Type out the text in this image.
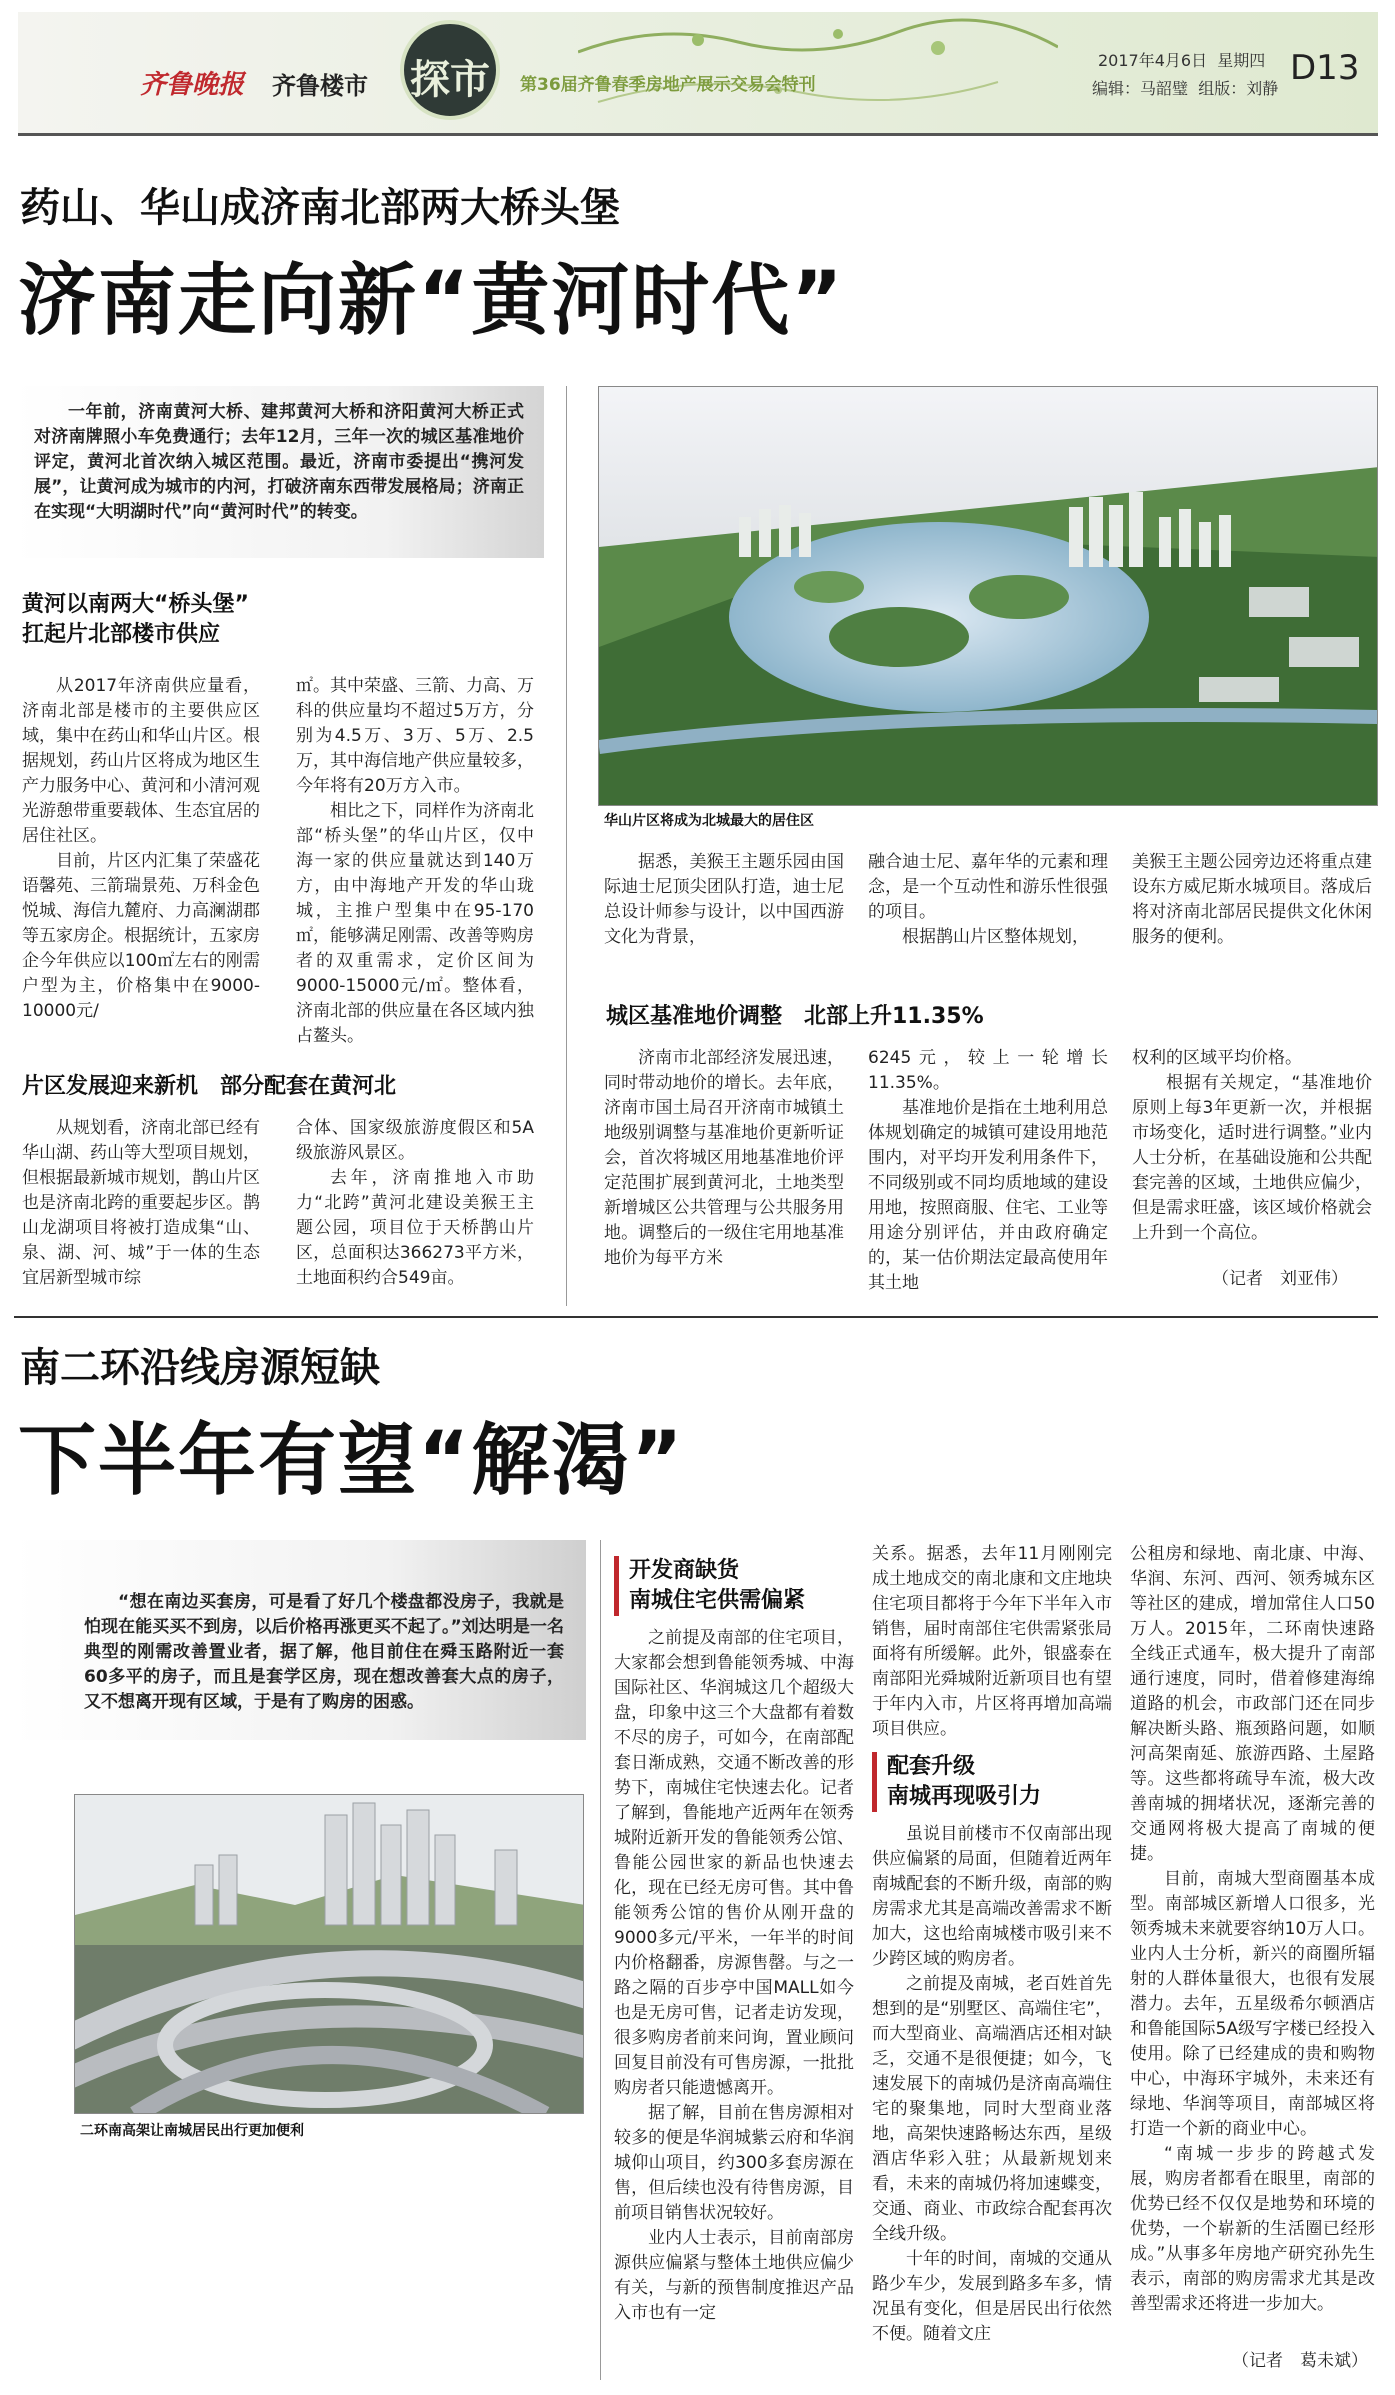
齐鲁晚报 齐鲁楼市 探市	第36届齐鲁春季房地产展示交易会特刊
2017年4月6日 星期四
编辑：马韶璧 组版：刘静
D13
药山、华山成济南北部两大桥头堡
济南走向新“黄河时代”
一年前，济南黄河大桥、建邦黄河大桥和济阳黄河大桥正式对济南牌照小车免费通行；去年12月，三年一次的城区基准地价评定，黄河北首次纳入城区范围。最近，济南市委提出“携河发展”，让黄河成为城市的内河，打破济南东西带发展格局；济南正在实现“大明湖时代”向“黄河时代”的转变。
黄河以南两大“桥头堡”
扛起片北部楼市供应

从2017年济南供应量看，济南北部是楼市的主要供应区域，集中在药山和华山片区。根据规划，药山片区将成为地区生产力服务中心、黄河和小清河观光游憩带重要载体、生态宜居的居住社区。

目前，片区内汇集了荣盛花语馨苑、三箭瑞景苑、万科金色悦城、海信九麓府、力高澜湖郡等五家房企。根据统计，五家房企今年供应以100㎡左右的刚需户型为主，价格集中在9000-10000元/

㎡。其中荣盛、三箭、力高、万科的供应量均不超过5万方，分别为4.5万、3万、5万、2.5万，其中海信地产供应量较多，今年将有20万方入市。

相比之下，同样作为济南北部“桥头堡”的华山片区，仅中海一家的供应量就达到140万方，由中海地产开发的华山珑城，主推户型集中在95-170㎡，能够满足刚需、改善等购房者的双重需求，定价区间为9000-15000元/㎡。整体看，济南北部的供应量在各区域内独占鳌头。

片区发展迎来新机　部分配套在黄河北

从规划看，济南北部已经有华山湖、药山等大型项目规划，但根据最新城市规划，鹊山片区也是济南北跨的重要起步区。鹊山龙湖项目将被打造成集“山、泉、湖、河、城”于一体的生态宜居新型城市综

合体、国家级旅游度假区和5A级旅游风景区。

去年，济南推地入市助力“北跨”黄河北建设美猴王主题公园，项目位于天桥鹊山片区，总面积达366273平方米，土地面积约合549亩。

华山片区将成为北城最大的居住区

据悉，美猴王主题乐园由国际迪士尼顶尖团队打造，迪士尼总设计师参与设计，以中国西游文化为背景，

融合迪士尼、嘉年华的元素和理念，是一个互动性和游乐性很强的项目。

根据鹊山片区整体规划，

美猴王主题公园旁边还将重点建设东方威尼斯水城项目。落成后将对济南北部居民提供文化休闲服务的便利。

城区基准地价调整　北部上升11.35%

济南市北部经济发展迅速，同时带动地价的增长。去年底，济南市国土局召开济南市城镇土地级别调整与基准地价更新听证会，首次将城区用地基准地价评定范围扩展到黄河北，土地类型新增城区公共管理与公共服务用地。调整后的一级住宅用地基准地价为每平方米

6245元，较上一轮增长11.35%。

基准地价是指在土地利用总体规划确定的城镇可建设用地范围内，对平均开发利用条件下，不同级别或不同均质地域的建设用地，按照商服、住宅、工业等用途分别评估，并由政府确定的，某一估价期法定最高使用年其土地

权利的区域平均价格。

根据有关规定，“基准地价原则上每3年更新一次，并根据市场变化，适时进行调整。”业内人士分析，在基础设施和公共配套完善的区域，土地供应偏少，但是需求旺盛，该区域价格就会上升到一个高位。

（记者　刘亚伟）
南二环沿线房源短缺
下半年有望“解渴”
“想在南边买套房，可是看了好几个楼盘都没房子，我就是怕现在能买买不到房，以后价格再涨更买不起了。”刘达明是一名典型的刚需改善置业者，据了解，他目前住在舜玉路附近一套60多平的房子，而且是套学区房，现在想改善套大点的房子，又不想离开现有区域，于是有了购房的困惑。
二环南高架让南城居民出行更加便利
开发商缺货
南城住宅供需偏紧

之前提及南部的住宅项目，大家都会想到鲁能领秀城、中海国际社区、华润城这几个超级大盘，印象中这三个大盘都有着数不尽的房子，可如今，在南部配套日渐成熟，交通不断改善的形势下，南城住宅快速去化。记者了解到，鲁能地产近两年在领秀城附近新开发的鲁能领秀公馆、鲁能公园世家的新品也快速去化，现在已经无房可售。其中鲁能领秀公馆的售价从刚开盘的9000多元/平米，一年半的时间内价格翻番，房源售罄。与之一路之隔的百步亭中国MALL如今也是无房可售，记者走访发现，很多购房者前来问询，置业顾问回复目前没有可售房源，一批批购房者只能遗憾离开。

据了解，目前在售房源相对较多的便是华润城紫云府和华润城仰山项目，约300多套房源在售，但后续也没有待售房源，目前项目销售状况较好。

业内人士表示，目前南部房源供应偏紧与整体土地供应偏少有关，与新的预售制度推迟产品入市也有一定

关系。据悉，去年11月刚刚完成土地成交的南北康和文庄地块住宅项目都将于今年下半年入市销售，届时南部住宅供需紧张局面将有所缓解。此外，银盛泰在南部阳光舜城附近新项目也有望于年内入市，片区将再增加高端项目供应。

配套升级
南城再现吸引力

虽说目前楼市不仅南部出现供应偏紧的局面，但随着近两年南城配套的不断升级，南部的购房需求尤其是高端改善需求不断加大，这也给南城楼市吸引来不少跨区域的购房者。

之前提及南城，老百姓首先想到的是“别墅区、高端住宅”，而大型商业、高端酒店还相对缺乏，交通不是很便捷；如今，飞速发展下的南城仍是济南高端住宅的聚集地，同时大型商业落地，高架快速路畅达东西，星级酒店华彩入驻；从最新规划来看，未来的南城仍将加速蝶变，交通、商业、市政综合配套再次全线升级。

十年的时间，南城的交通从路少车少，发展到路多车多，情况虽有变化，但是居民出行依然不便。随着文庄

公租房和绿地、南北康、中海、华润、东河、西河、领秀城东区等社区的建成，增加常住人口50万人。2015年，二环南快速路全线正式通车，极大提升了南部通行速度，同时，借着修建海绵道路的机会，市政部门还在同步解决断头路、瓶颈路问题，如顺河高架南延、旅游西路、土屋路等。这些都将疏导车流，极大改善南城的拥堵状况，逐渐完善的交通网将极大提高了南城的便捷。

目前，南城大型商圈基本成型。南部城区新增人口很多，光领秀城未来就要容纳10万人口。业内人士分析，新兴的商圈所辐射的人群体量很大，也很有发展潜力。去年，五星级希尔顿酒店和鲁能国际5A级写字楼已经投入使用。除了已经建成的贵和购物中心，中海环宇城外，未来还有绿地、华润等项目，南部城区将打造一个新的商业中心。

“南城一步步的跨越式发展，购房者都看在眼里，南部的优势已经不仅仅是地势和环境的优势，一个崭新的生活圈已经形成。”从事多年房地产研究孙先生表示，南部的购房需求尤其是改善型需求还将进一步加大。

（记者　葛未斌）
